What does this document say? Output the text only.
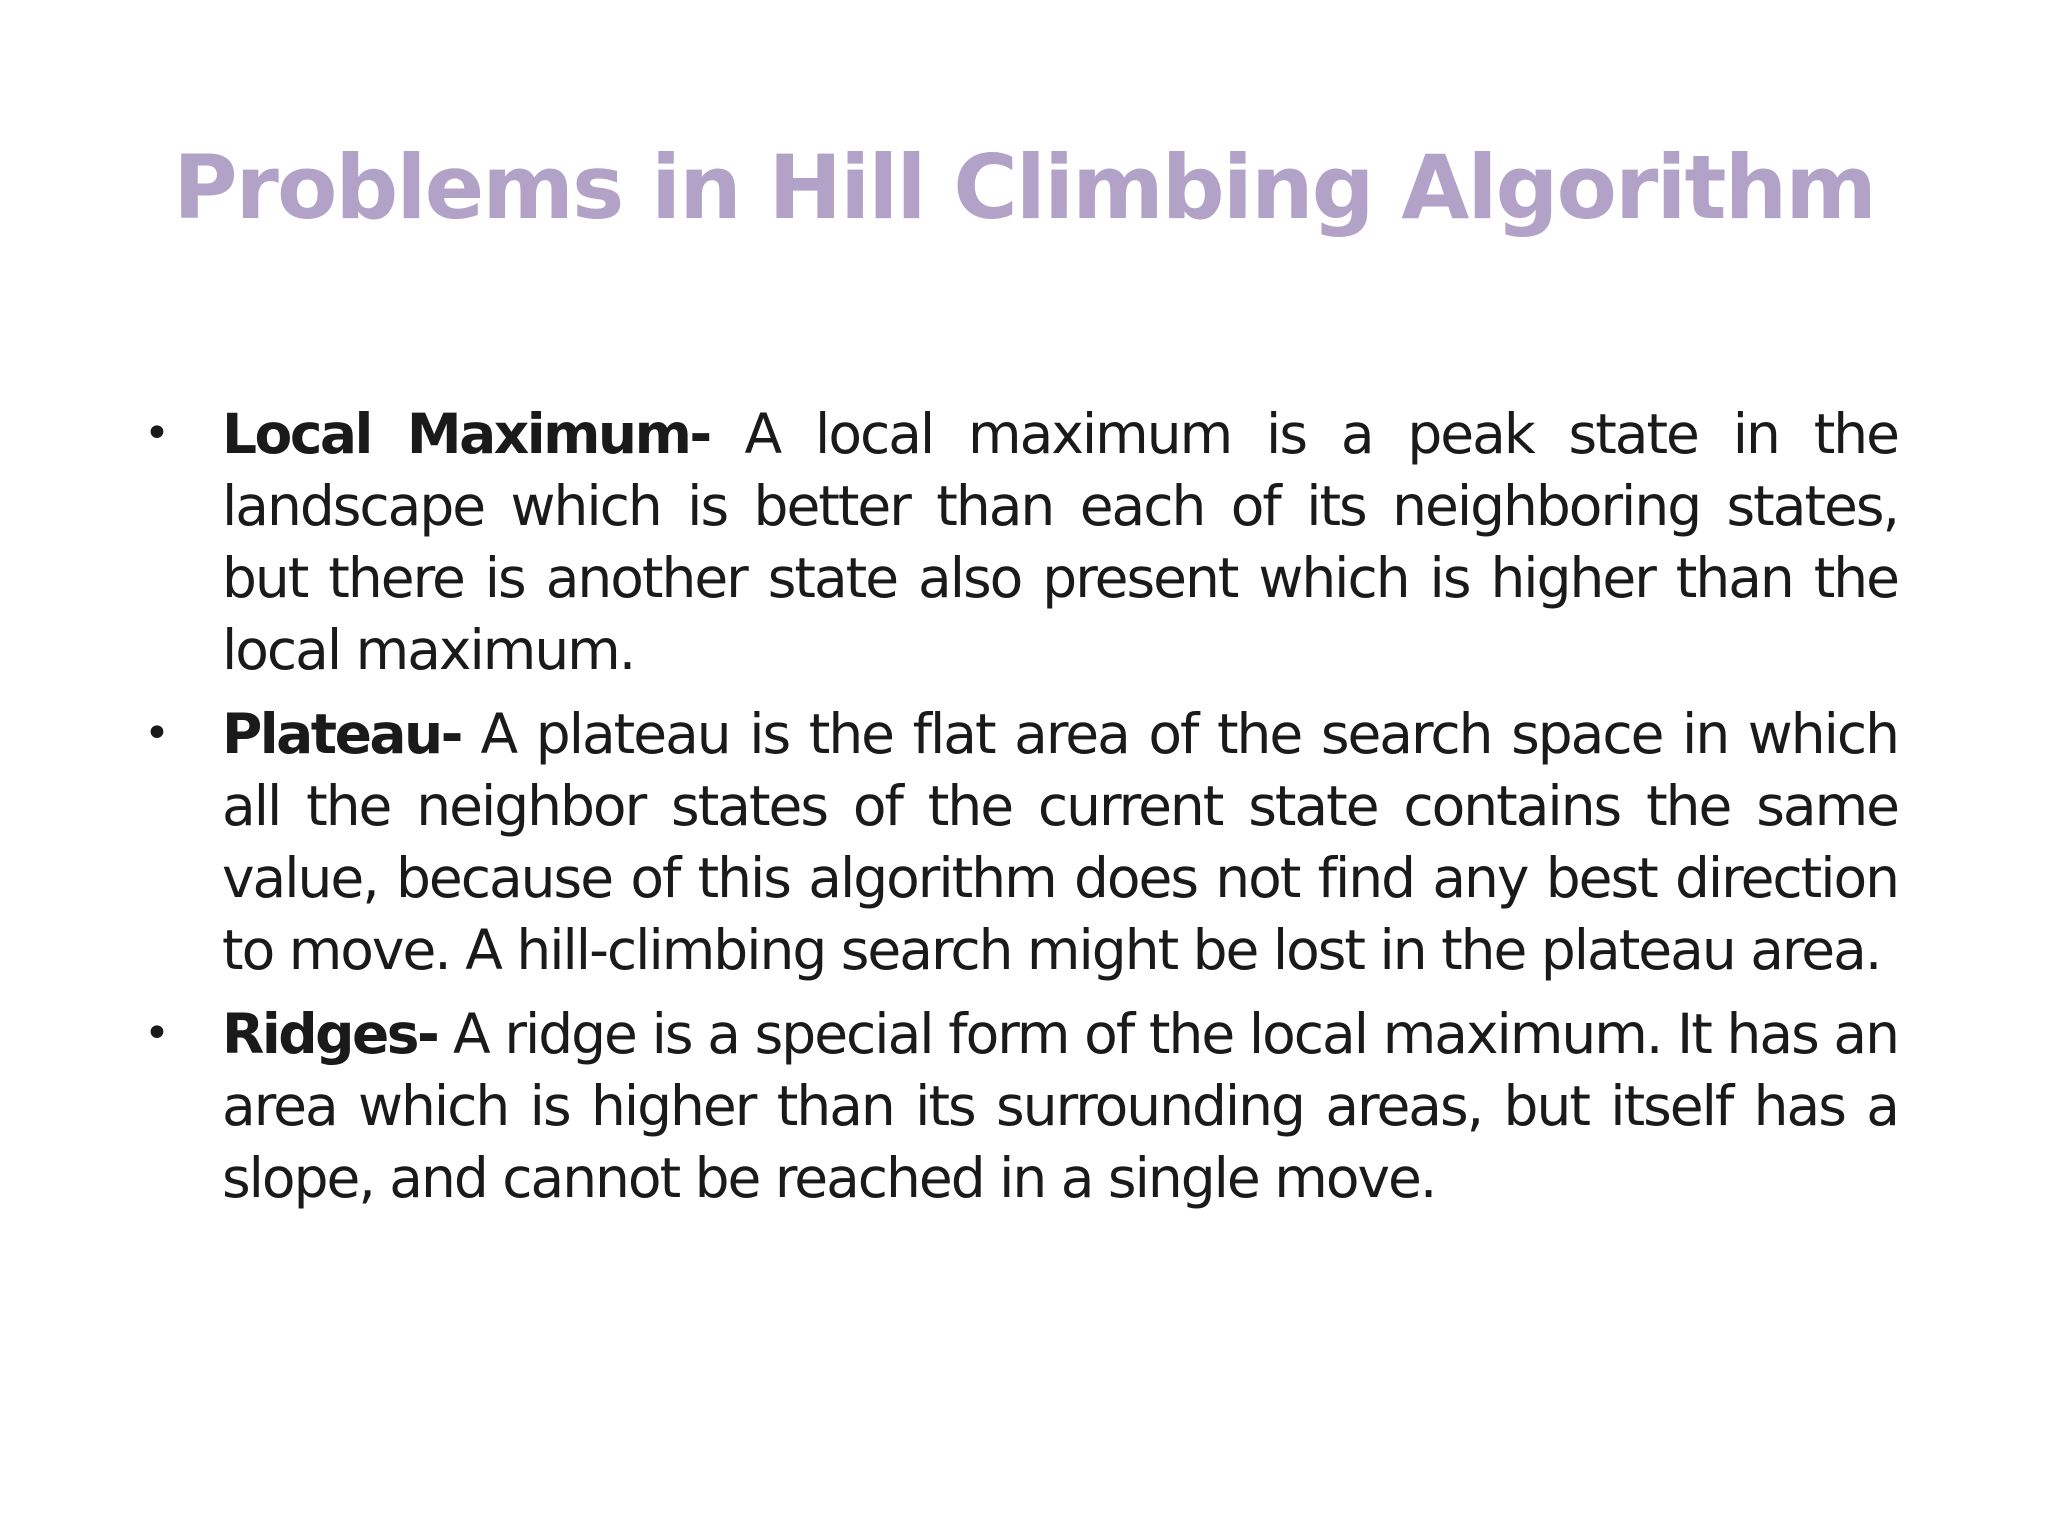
Problems in Hill Climbing Algorithm
• Local Maximum- A local maximum is a peak state in the landscape which is better than each of its neighboring states, but there is another state also present which is higher than the local maximum.
• Plateau- A plateau is the flat area of the search space in which all the neighbor states of the current state contains the same value, because of this algorithm does not find any best direction to move. A hill-climbing search might be lost in the plateau area.
• Ridges- A ridge is a special form of the local maximum. It has an area which is higher than its surrounding areas, but itself has a slope, and cannot be reached in a single move.
